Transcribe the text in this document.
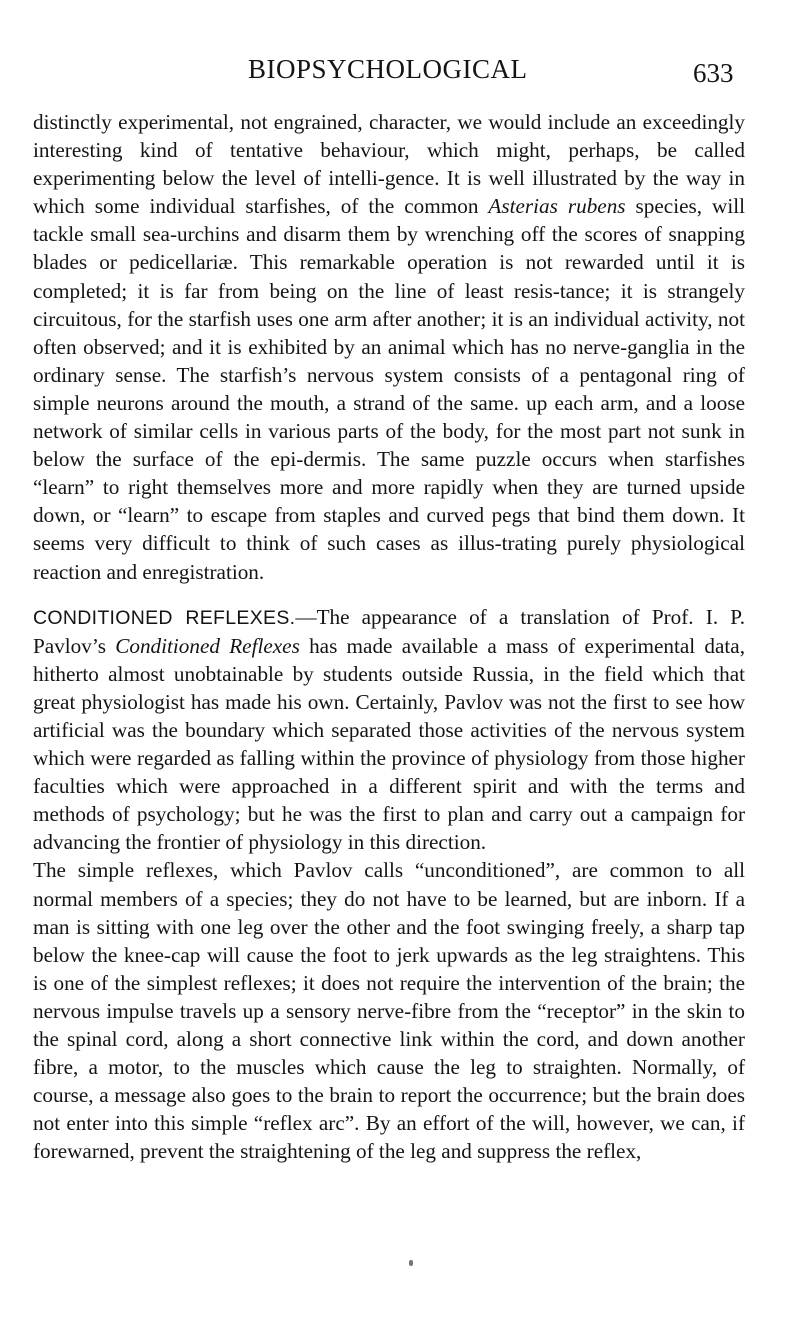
BIOPSYCHOLOGICAL	633

distinctly experimental, not engrained, character, we would include an exceedingly interesting kind of tentative behaviour, which might, perhaps, be called experimenting below the level of intelli-gence. It is well illustrated by the way in which some individual starfishes, of the common Asterias rubens species, will tackle small sea-urchins and disarm them by wrenching off the scores of snapping blades or pedicellariæ. This remarkable operation is not rewarded until it is completed; it is far from being on the line of least resis-tance; it is strangely circuitous, for the starfish uses one arm after another; it is an individual activity, not often observed; and it is exhibited by an animal which has no nerve-ganglia in the ordinary sense. The starfish’s nervous system consists of a pentagonal ring of simple neurons around the mouth, a strand of the same. up each arm, and a loose network of similar cells in various parts of the body, for the most part not sunk in below the surface of the epi-dermis. The same puzzle occurs when starfishes “learn” to right themselves more and more rapidly when they are turned upside down, or “learn” to escape from staples and curved pegs that bind them down. It seems very difficult to think of such cases as illus-trating purely physiological reaction and enregistration.

CONDITIONED REFLEXES.—The appearance of a translation of Prof. I. P. Pavlov’s Conditioned Reflexes has made available a mass of experimental data, hitherto almost unobtainable by students outside Russia, in the field which that great physiologist has made his own. Certainly, Pavlov was not the first to see how artificial was the boundary which separated those activities of the nervous system which were regarded as falling within the province of physiology from those higher faculties which were approached in a different spirit and with the terms and methods of psychology; but he was the first to plan and carry out a campaign for advancing the frontier of physiology in this direction.

The simple reflexes, which Pavlov calls “unconditioned”, are common to all normal members of a species; they do not have to be learned, but are inborn. If a man is sitting with one leg over the other and the foot swinging freely, a sharp tap below the knee-cap will cause the foot to jerk upwards as the leg straightens. This is one of the simplest reflexes; it does not require the intervention of the brain; the nervous impulse travels up a sensory nerve-fibre from the “receptor” in the skin to the spinal cord, along a short connective link within the cord, and down another fibre, a motor, to the muscles which cause the leg to straighten. Normally, of course, a message also goes to the brain to report the occurrence; but the brain does not enter into this simple “reflex arc”. By an effort of the will, however, we can, if forewarned, prevent the straightening of the leg and suppress the reflex,
